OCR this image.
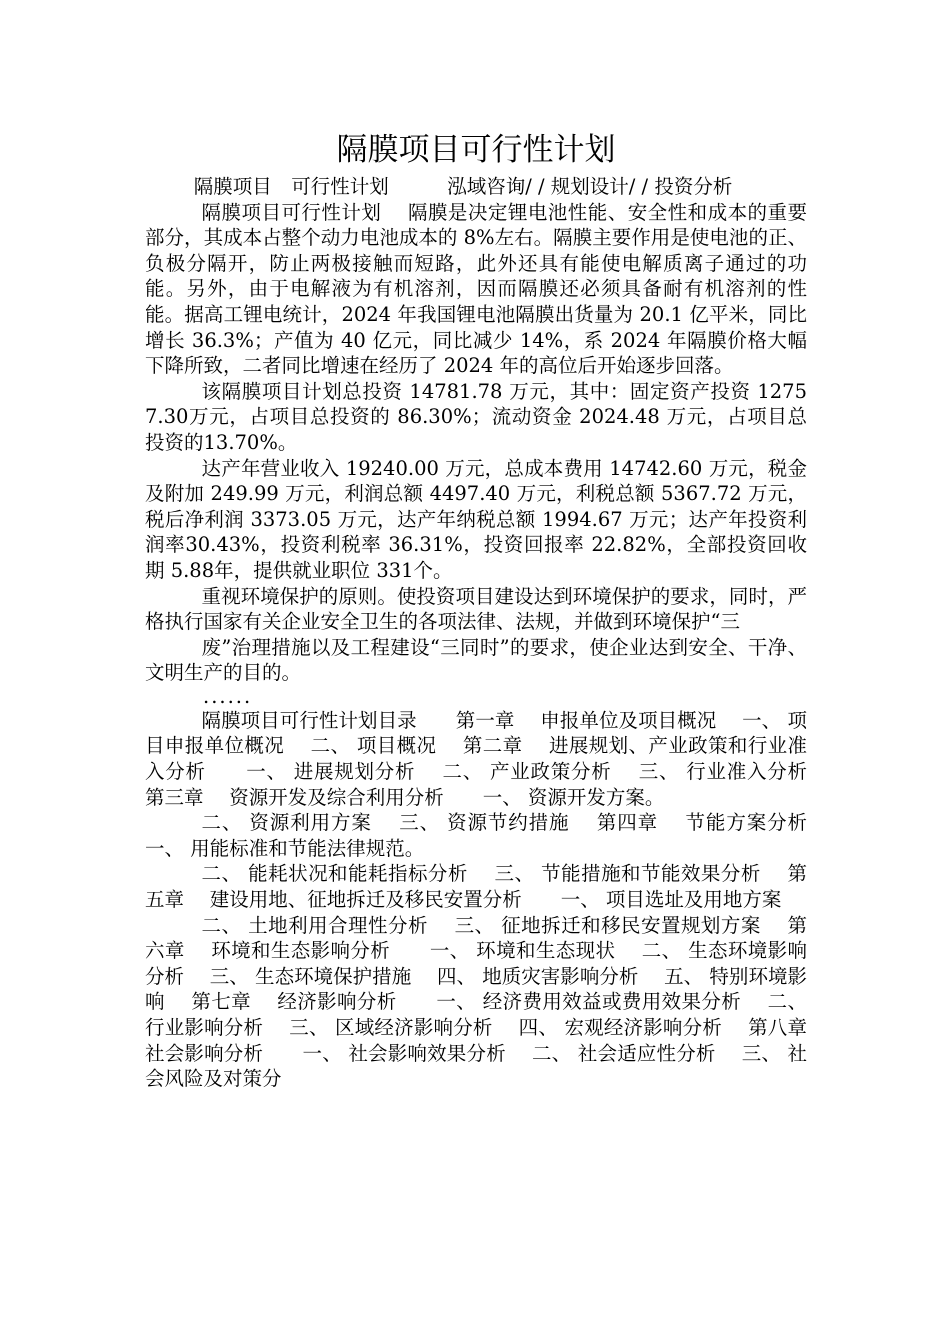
隔膜项目可行性计划

隔膜项目　可行性计划　　　泓域咨询/ / 规划设计/ / 投资分析

隔膜项目可行性计划　 隔膜是决定锂电池性能、安全性和成本的重要部分，其成本占整个动力电池成本的 8%左右。隔膜主要作用是使电池的正、负极分隔开，防止两极接触而短路，此外还具有能使电解质离子通过的功能。另外，由于电解液为有机溶剂，因而隔膜还必须具备耐有机溶剂的性能。据高工锂电统计，2024 年我国锂电池隔膜出货量为 20.1 亿平米，同比增长 36.3%；产值为 40 亿元，同比减少 14%，系 2024 年隔膜价格大幅下降所致，二者同比增速在经历了 2024 年的高位后开始逐步回落。

该隔膜项目计划总投资 14781.78 万元，其中：固定资产投资 12757.30万元，占项目总投资的 86.30%；流动资金 2024.48 万元，占项目总投资的13.70%。

达产年营业收入 19240.00 万元，总成本费用 14742.60 万元，税金及附加 249.99 万元，利润总额 4497.40 万元，利税总额 5367.72 万元，税后净利润 3373.05 万元，达产年纳税总额 1994.67 万元；达产年投资利润率30.43%，投资利税率 36.31%，投资回报率 22.82%，全部投资回收期 5.88年，提供就业职位 331个。

重视环境保护的原则。使投资项目建设达到环境保护的要求，同时，严格执行国家有关企业安全卫生的各项法律、法规，并做到环境保护“三

废”治理措施以及工程建设“三同时”的要求，使企业达到安全、干净、文明生产的目的。

......

隔膜项目可行性计划目录　　第一章　 申报单位及项目概况　 一、 项目申报单位概况　 二、 项目概况　 第二章　 进展规划、产业政策和行业准入分析　　一、 进展规划分析　 二、 产业政策分析　 三、 行业准入分析　 第三章　 资源开发及综合利用分析　　一、 资源开发方案。

二、 资源利用方案　 三、 资源节约措施　 第四章　 节能方案分析　　一、 用能标准和节能法律规范。

二、 能耗状况和能耗指标分析　 三、 节能措施和节能效果分析　 第五章　 建设用地、征地拆迁及移民安置分析　　一、 项目选址及用地方案

二、 土地利用合理性分析　 三、 征地拆迁和移民安置规划方案　 第六章　 环境和生态影响分析　　一、 环境和生态现状　 二、 生态环境影响分析　 三、 生态环境保护措施　 四、 地质灾害影响分析　 五、 特别环境影响　 第七章　 经济影响分析　　一、 经济费用效益或费用效果分析　 二、 行业影响分析　 三、 区域经济影响分析　 四、 宏观经济影响分析　 第八章　 社会影响分析　　一、 社会影响效果分析　 二、 社会适应性分析　 三、 社会风险及对策分
